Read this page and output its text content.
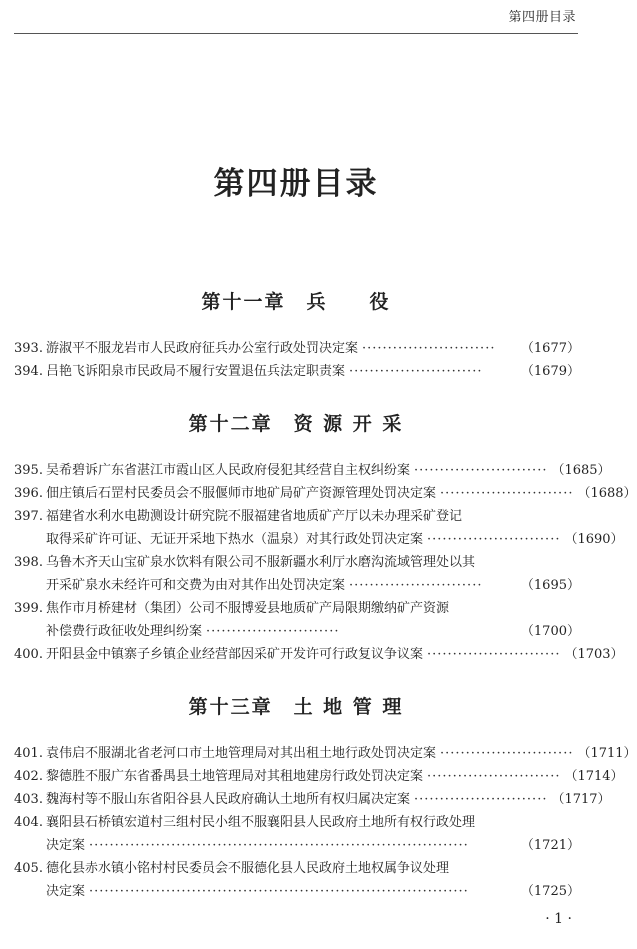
第四册目录
第四册目录
第十一章　兵　　役
393. 游淑平不服龙岩市人民政府征兵办公室行政处罚决定案 ··························	（1677）
394. 吕艳飞诉阳泉市民政局不履行安置退伍兵法定职责案 ··························	（1679）
第十二章　资 源 开 采
395. 吴希碧诉广东省湛江市霞山区人民政府侵犯其经营自主权纠纷案 ·························· （1685）
396. 佃庄镇后石罡村民委员会不服偃师市地矿局矿产资源管理处罚决定案 ·························· （1688）
397. 福建省水利水电勘测设计研究院不服福建省地质矿产厅以未办理采矿登记
取得采矿许可证、无证开采地下热水（温泉）对其行政处罚决定案 ·························· （1690）
398. 乌鲁木齐天山宝矿泉水饮料有限公司不服新疆水利厅水磨沟流域管理处以其
开采矿泉水未经许可和交费为由对其作出处罚决定案 ··························	（1695）
399. 焦作市月桥建材（集团）公司不服博爱县地质矿产局限期缴纳矿产资源
补偿费行政征收处理纠纷案 ··························	（1700）
400. 开阳县金中镇寨子乡镇企业经营部因采矿开发许可行政复议争议案 ·························· （1703）
第十三章　土 地 管 理
401. 袁伟启不服湖北省老河口市土地管理局对其出租土地行政处罚决定案 ·························· （1711）
402. 黎德胜不服广东省番禺县土地管理局对其租地建房行政处罚决定案 ·························· （1714）
403. 魏海村等不服山东省阳谷县人民政府确认土地所有权归属决定案 ·························· （1717）
404. 襄阳县石桥镇宏道村三组村民小组不服襄阳县人民政府土地所有权行政处理
决定案 ··········································································	（1721）
405. 德化县赤水镇小铭村村民委员会不服德化县人民政府土地权属争议处理
决定案 ··········································································	（1725）
· 1 ·
